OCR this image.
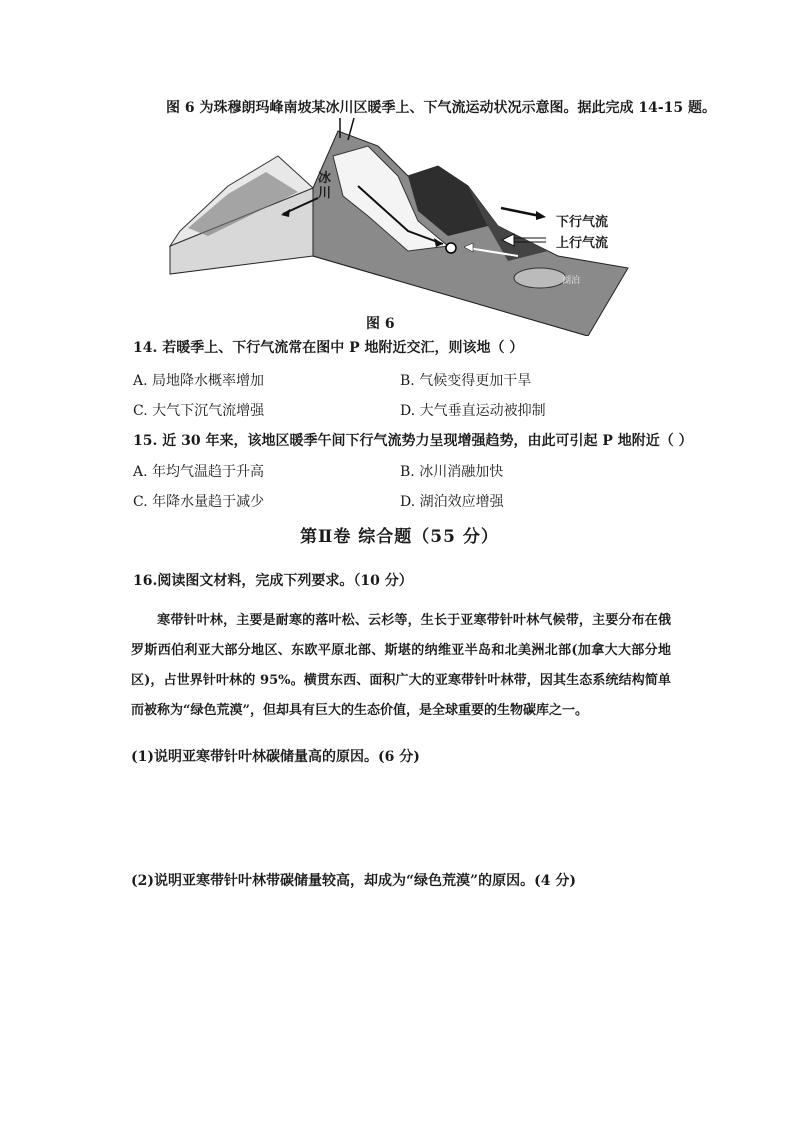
图 6 为珠穆朗玛峰南坡某冰川区暖季上、下气流运动状况示意图。据此完成 14-15 题。
冰川
湖泊
下行气流
上行气流
图 6
14. 若暖季上、下行气流常在图中 P 地附近交汇，则该地（ ）
A. 局地降水概率增加	B. 气候变得更加干旱
C. 大气下沉气流增强	D. 大气垂直运动被抑制
15. 近 30 年来，该地区暖季午间下行气流势力呈现增强趋势，由此可引起 P 地附近（ ）
A. 年均气温趋于升高	B. 冰川消融加快
C. 年降水量趋于减少	D. 湖泊效应增强
第Ⅱ卷 综合题（55 分）
16.阅读图文材料，完成下列要求。（10 分）
寒带针叶林，主要是耐寒的落叶松、云杉等，生长于亚寒带针叶林气候带，主要分布在俄罗斯西伯利亚大部分地区、东欧平原北部、斯堪的纳维亚半岛和北美洲北部(加拿大大部分地区)，占世界针叶林的 95%。横贯东西、面积广大的亚寒带针叶林带，因其生态系统结构简单而被称为“绿色荒漠”，但却具有巨大的生态价值，是全球重要的生物碳库之一。
(1)说明亚寒带针叶林碳储量高的原因。(6 分)
(2)说明亚寒带针叶林带碳储量较高，却成为“绿色荒漠”的原因。(4 分)
